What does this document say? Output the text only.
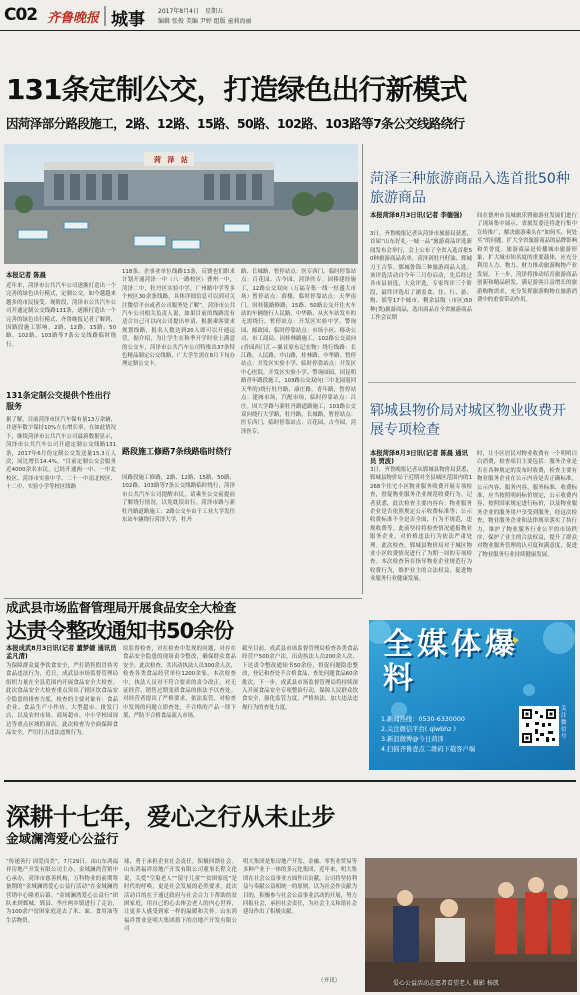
C02 齐鲁晚报 城事 2017年8月4日 星期五
编辑 张俊 美编 尹婷 组版 童莉海丽
131条定制公交，打造绿色出行新模式
因菏泽部分路段施工，2路、12路、15路、50路、102路、103路等7条公交线路绕行
菏 泽 站
本报记者 陈晨
近年来，菏泽市公共汽车公司逐渐打造出一个完善的绿色出行模式，定制公交，如今越越来越多的市民接受。现阶段，菏泽市公共汽车公司开通定制公交线路131条，逐渐打造出一个完善的绿色出行模式，齐鲁晚报记者了解到，因路段施工影响，2路、12路、15路、50路、102路、103路等7条公交线路临时绕行。
131条定制公交提供个性出行服务
据了解，目前菏泽市区汽车保有量13万余辆，并逐年数字保持10%左右增长率，在如此情况下，继续菏泽市公共汽车公司最新数据显示，菏泽市公共汽车公司开通定制公交线路131条，2017年6月份定制公交发送量15.3万人次，同比增长14.4%。“目前定制公交会服务近4000余名市民，已经开通两一中、一中北校区、菏泽市实验中学、二十一中南北校区、十二中、实验小学等校区线路
118条，企事业单位线路13条，反馈也们职求计划开通菏泽一中（八一路校区）曹州一中，菏泽二中，牡丹区实验中学，广州路中学等多个校区30余条线路，具体详细信息可以到对关注微信平台或者公司服务处了解”，菏泽市公共汽车公司相关负责人说，如果目前的线路没有适合自己可以向公司提出申请，根据乘客要求规划线路，报名人数达到20人即可以开通运营。据介绍，为让学生在秋季开学时业上满意的公交车，菏泽市公共汽车公司特推出37条特色精品制定公交线路，广大学生需在8月下旬办理定制公交卡。
路段施工修路7条线路临时绕行
因路段施工修路，2路、12路、15路、50路、102路、103路等7条公交线路临时绕行，菏泽市公共汽车公司提醒市民，请乘坐公交前提前了解绕行情况，以免耽误出行。菏泽市路与新牡丹路道路施工：2路公交车由于工业大学发往东站车辆绕行菏泽大学，牡丹
路、长城路，暂停站点：医专西门、临时停靠站点：百花园、古今园、菏泽医专。因移建经施工，12路公交双向（万福寺集一线一恒盛大市场）暂停站点：薛楼，临时停靠站点：天华南门。因桂陵路修路，15路、50路公交开往火车站的车辆绕行人民路、中华路、从火车站发车的无需绕行。暂停站点：开发区实验中学、警询园、邮政园，临时停靠站点：市场小区、移动公司、市工商局。因桂林路施工，102路公交双向(香园西门汇—翼首原东记宏物）绕行线路：长江路，人民路、中山路，桂林路、中华路。暂停站点：开发区实验小学、临时停靠站点：开发区中心医院、开发区实验小学、警询园园。因昆明路青年路段施工，103路公交双向(三中北园返回天华的)绕行牡丹路、康庄路，青年路，暂停站点：建阀市场，汽配市场，临时停靠站点：吕庄。因大学路与新牡丹路道路施工，103路公交双向绕行大学路，牡丹路，长城路，暂停站点：医专西门，临时停靠站点：百花园、古今园，菏泽医专。
菏泽三种旅游商品入选首批50种旅游商品
本报菏泽8月3日讯(记者 李德强)
3日，齐鲁晚报记者从菏泽市旅游局获悉，首届“山东好礼·一城一品”旅游商品评选新闻发布会举行，会上公布了全省入选首批50种旅游商品名单，菏泽剑牡丹籽油、郓城刀王古筝、鄄城鲁锦三种旅游商品入选。该评选活动自今年三月份启动，先后经过各市县初选，大众评选，专家终评三个阶段，最终评选出了涵盖食、住、行、游、购、娱等17个城市，剩余县级（市区)50种(类)旅游商品，选出商品在全省旅游商品工作会议期
间在德州市良城旅乐暨旅游业发展们进行了现场集中展示，省旅发委还将进行集中宣传推广，解决旅游乘头在“如何买、何处买”的问题，扩大全省旅游商品的品牌影响和美誉度。旅游商品是传播城市旅游形象，扩大城市知名度的重要载体，应充分利用人力、物力、财力推动旅游购物产业发展，下一步，菏泽将推动培育旅游商品创新和精品研发，满足游客日益增长的旅游购物需求，充分发挥旅游购物在旅游消费中的重要带动作用。
郓城县物价局对城区物业收费开展专项检查
本报菏泽8月3日讯(记者 陈晨 通讯员 贾波)
3日，齐鲁晚报记者从郓城县物价局获悉，郓城县物价局于近期对全县城区范围内的1268个住宅小区物业服务收费开展专项检查，督促物业服务企业规范收费行为。记者获悉，此次检查主要内容有：物业服务企业是否依照规定公示收费标准等；公示收费标准不全是否全面，行为不规范，违规收费等。此前坚持将检查情况通报物业服务企业，对价格违法行为依法严肃处理。此次检查，郓城县物价局对于城区物业小区收费情况进行了为期一周的专项检查。本次检查旨在指导物业企业规范行为收费行为，维护业主的合法权益，促进物业服务行业健康发展。
时，让小区居民对物业收费有一个明明白白消费，检查项目主要包括：服务企业是否在各种规定的发布时收费，检查主要有物业服务企业在公示内容是否正确标准，公示内容、服务内容、服务标准、收费标准，应当按照明码标价规定，公示收费内容，按照国家规定进行标价，以及物业服务企业的服务用户享受到服务，经这次检查，物业服务企业和法律规章落实了执行力，维护了物业服务行业公平的市场秩序，保护了业主的合法权益，提升了群众对物业服务管理的认可度和满意度，促进了物业服务行业持续健康发展。
成武县市场监督管理局开展食品安全大检查
达责令整改通知书50余份
本报成武8月3日讯(记者 董梦婕 通讯员 孟凡清)
为保障群众夏季饮食安全，严打销售假冒伪劣食品违法行为，近日，成武县市场监督管理局组织力量在全县范围内开展食品安全大检查。此次食品安全大检查重点突出了辖区饮食品安全隐患的排查力度，检查的主要对象有：食品企业、食品生产小作坊、大型超市、批发门店，以及农村市场、商场超市、中小学校园周边等重点区域的商店。此次检查为全面保障食品安全，严厉打击违法违规行为。
原监督检查，对在检查中发现的问题，对存在食品安全隐患的现场责令整改，确保群众食品安全。此次检查，共出动执法人员300余人次，检查各类食品经营单位1200余家。本次检查中，执法人员对不符合要求的责令改正。对无证经营、销售过期变质食品的依法予以查处。对经营者提出了严格要求，依法监管，对检查中发现的问题立即查处，不合格的产品一律下架，严防不合格食品流入市场。
截至目前，成武县市场监督管理局检查各类食品经营户500余户次，出动执法人员200余人次，下达责令整改通知书50余份，督促问题隐患整改，登记和查处不合格食品，查处问题食品60余批次。下一步，成武县市场监督管理局将持续深入开展食品安全专项整治行动，保障人民群众饮食安全，强化监管力度，严格执法，加大违法违规行为的查处力度。
全媒体爆料
1.新闻热线：0530-6330000
2.关注微信平台( qlwbhz )
3.新浪微博@今日菏泽
4.扫描齐鲁壹点二维码下载客户端
关注微信号
深耕十七年，爱心之行从未止步
金域澜湾爱心公益行
“传递善行 因爱而美”，7月29日，由山东鸿福祥房地产开发有限公司主办，金域澜湾营销中心承办，菏泽市慈善机构，万科物业的前期筹备期的“金域澜湾爱心公益行活动”在金域澜湾营销中心隆重启幕。“金域澜湾爱心公益行”团队来到鄄城、郓县、李庄两乡镇进行了走访，为100余户贫困家庭送去了米、面、食用油等生活物资。
球，勇于承担企业社会责任，积极回馈社会。山东鸿福祥房地产开发有限公司董事长程文化说，关爱“空巢老人”“留守儿童”“贫困家庭”是时代的呼唤，更是社会发展的必然要求，此次活动目的在于通过政府与社会合力下帮助的贫困家庭，用自己的心去体会老人的内心世界，让更多人感受到家一样的温暖和关怀。山东鸿福祥置业是明大集团旗下的房地产开发有限公司
明大集团是集房地产开发、金融、零售业贸易等多种产业于一体的多元化集团，近年来，明大集团在社会公益事业方面作出贡献，公司将坚持利益与奉献公益相统一的原则，以为社会作贡献为目的，积极参与社会公益事业活动的开展，努力回报社会，承担社会责任，为社会主义和谐社会建设作出了积极贡献。
（齐讯）	爱心公益活动志愿者看望老人 摄影 杨凯
